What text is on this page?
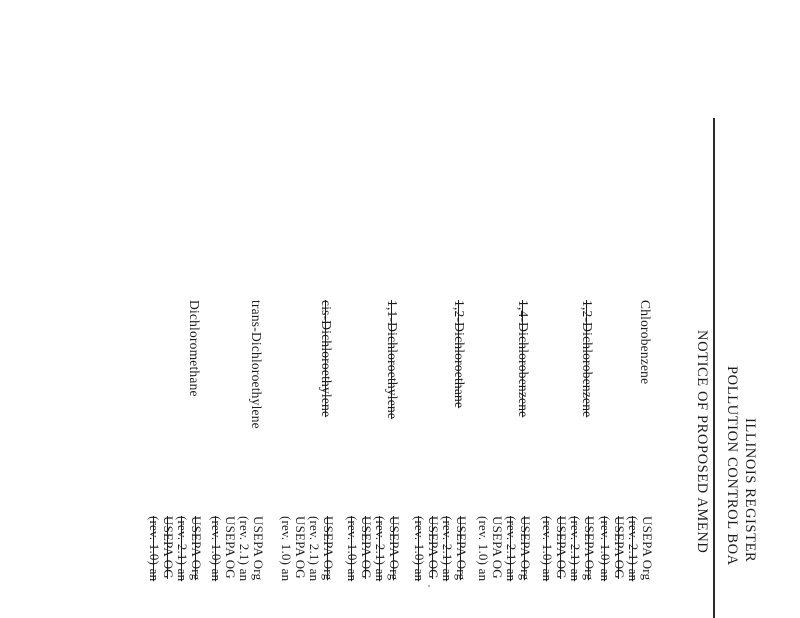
ILLINOIS REGISTER
POLLUTION CONTROL BOA
NOTICE OF PROPOSED AMEND
Chlorobenzene
USEPA Org
(rev. 2.1) an
USEPA OG
(rev. 1.0) an
1,2-Dichlorobenzene
USEPA Org
(rev. 2.1) an
USEPA OG
(rev. 1.0) an
1,4-Dichlorobenzene
USEPA Org
(rev. 2.1) an
USEPA OG
(rev. 1.0) an
1,2-Dichloroethane
USEPA Org
(rev. 2.1) an
USEPA OG
(rev. 1.0) an
1,1-Dichloroethylene
USEPA Org
(rev. 2.1) an
USEPA OG
(rev. 1.0) an
cis-Dichloroethylene
USEPA Org
(rev. 2.1) an
USEPA OG
(rev. 1.0) an
trans-Dichloroethylene
USEPA Org
(rev. 2.1) an
USEPA OG
(rev. 1.0) an
Dichloromethane
USEPA Org
(rev. 2.1) an
USEPA OG
(rev. 1.0) an
